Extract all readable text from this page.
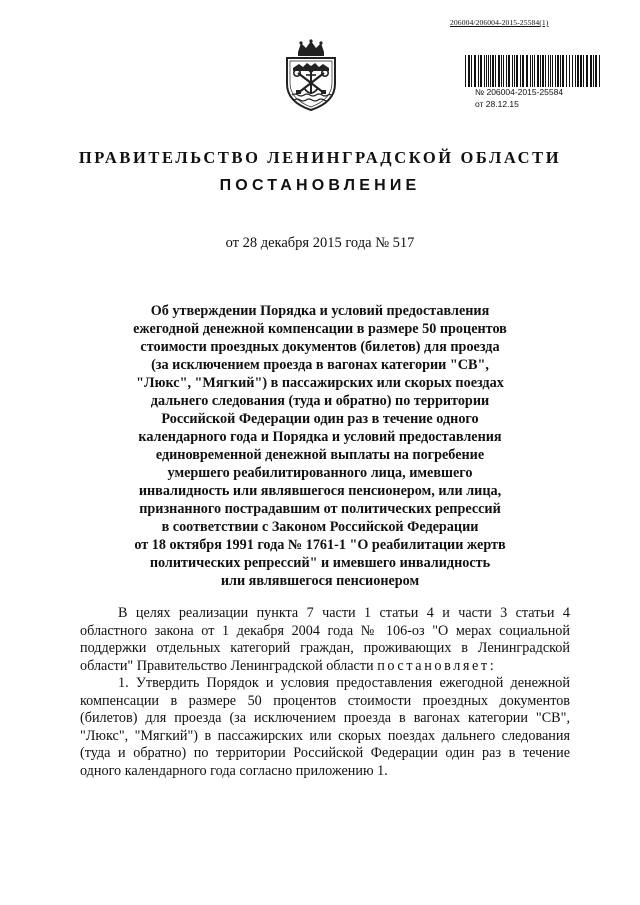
206004/206004-2015-25584(1)
№ 206004-2015-25584
от 28.12.15
ПРАВИТЕЛЬСТВО ЛЕНИНГРАДСКОЙ ОБЛАСТИ
ПОСТАНОВЛЕНИЕ
от 28 декабря 2015 года № 517
Об утверждении Порядка и условий предоставления
ежегодной денежной компенсации в размере 50 процентов
стоимости проездных документов (билетов) для проезда
(за исключением проезда в вагонах категории "СВ",
"Люкс", "Мягкий") в пассажирских или скорых поездах
дальнего следования (туда и обратно) по территории
Российской Федерации один раз в течение одного
календарного года и Порядка и условий предоставления
единовременной денежной выплаты на погребение
умершего реабилитированного лица, имевшего
инвалидность или являвшегося пенсионером, или лица,
признанного пострадавшим от политических репрессий
в соответствии с Законом Российской Федерации
от 18 октября 1991 года № 1761-1 "О реабилитации жертв
политических репрессий" и имевшего инвалидность
или являвшегося пенсионером

В целях реализации пункта 7 части 1 статьи 4 и части 3 статьи 4 областного закона от 1 декабря 2004 года № 106-оз "О мерах социальной поддержки отдельных категорий граждан, проживающих в Ленинградской области" Правительство Ленинградской области постановляет:

1. Утвердить Порядок и условия предоставления ежегодной денежной компенсации в размере 50 процентов стоимости проездных документов (билетов) для проезда (за исключением проезда в вагонах категории "СВ", "Люкс", "Мягкий") в пассажирских или скорых поездах дальнего следования (туда и обратно) по территории Российской Федерации один раз в течение одного календарного года согласно приложению 1.
